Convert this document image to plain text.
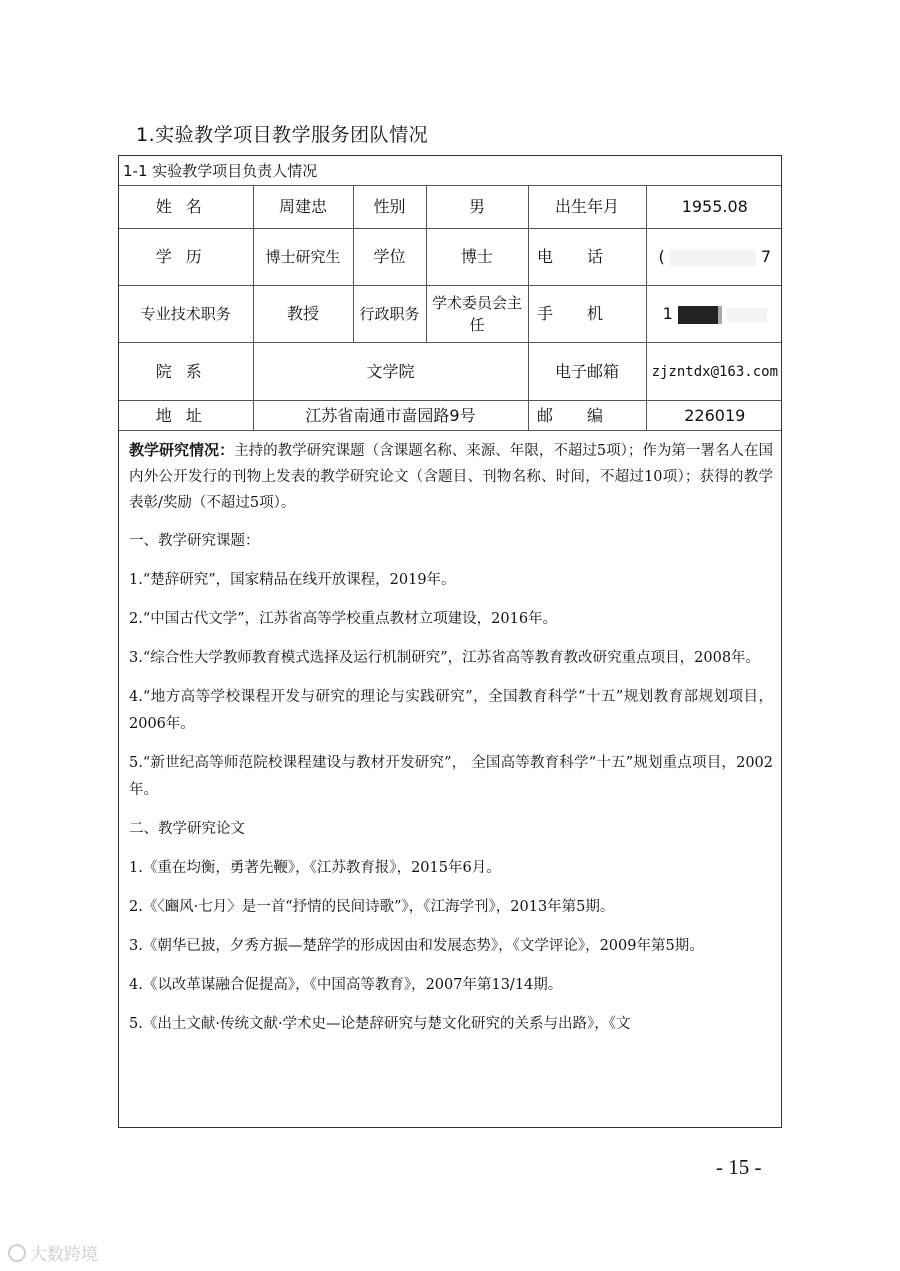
1.实验教学项目教学服务团队情况
1-1 实验教学项目负责人情况					
姓名	周建忠	性别	男	出生年月	1955.08
学历	博士研究生	学位	博士	电话	( 7
专业技术职务	教授	行政职务	学术委员会主任	手机	1
院系	文学院			电子邮箱	zjzntdx@163.com
地址	江苏省南通市啬园路9号			邮编	226019

教学研究情况：主持的教学研究课题（含课题名称、来源、年限，不超过5项）；作为第一署名人在国内外公开发行的刊物上发表的教学研究论文（含题目、刊物名称、时间，不超过10项）；获得的教学表彰/奖励（不超过5项）。

一、教学研究课题：

1.“楚辞研究”，国家精品在线开放课程，2019年。

2.“中国古代文学”，江苏省高等学校重点教材立项建设，2016年。

3.“综合性大学教师教育模式选择及运行机制研究”，江苏省高等教育教改研究重点项目，2008年。

4.“地方高等学校课程开发与研究的理论与实践研究”，全国教育科学“十五”规划教育部规划项目，2006年。

5.“新世纪高等师范院校课程建设与教材开发研究”， 全国高等教育科学“十五”规划重点项目，2002年。

二、教学研究论文

1.《重在均衡，勇著先鞭》，《江苏教育报》，2015年6月。

2.《〈豳风·七月〉是一首“抒情的民间诗歌”》，《江海学刊》，2013年第5期。

3.《朝华已披，夕秀方振—楚辞学的形成因由和发展态势》，《文学评论》，2009年第5期。

4.《以改革谋融合促提高》，《中国高等教育》，2007年第13/14期。

5.《出土文献·传统文献·学术史—论楚辞研究与楚文化研究的关系与出路》，《文

- 15 -
大数跨境
